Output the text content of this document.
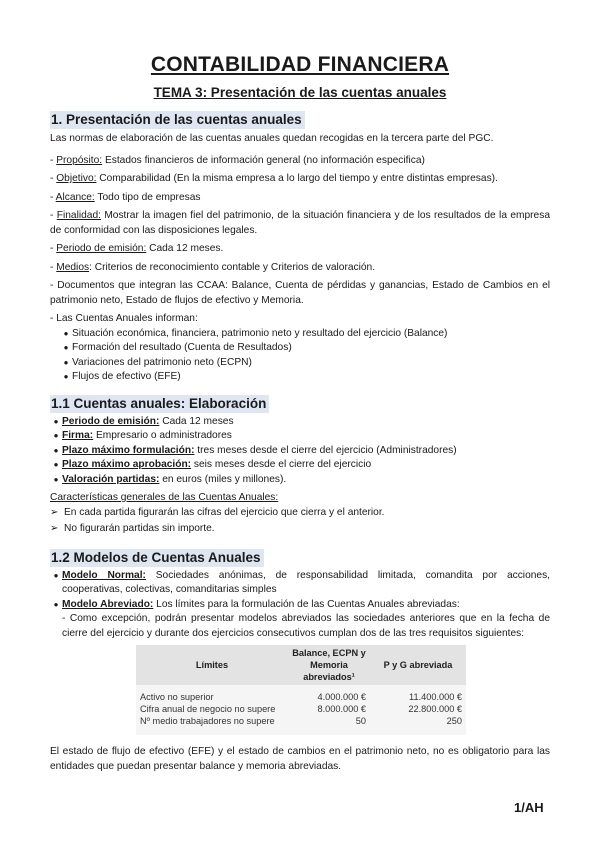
CONTABILIDAD FINANCIERA
TEMA 3: Presentación de las cuentas anuales
1. Presentación de las cuentas anuales

Las normas de elaboración de las cuentas anuales quedan recogidas en la tercera parte del PGC.

- Propósito: Estados financieros de información general (no información especifica)

- Objetivo: Comparabilidad (En la misma empresa a lo largo del tiempo y entre distintas empresas).

- Alcance: Todo tipo de empresas

- Finalidad: Mostrar la imagen fiel del patrimonio, de la situación financiera y de los resultados de la empresa de conformidad con las disposiciones legales.

- Periodo de emisión: Cada 12 meses.

- Medios: Criterios de reconocimiento contable y Criterios de valoración.

- Documentos que integran las CCAA: Balance, Cuenta de pérdidas y ganancias, Estado de Cambios en el patrimonio neto, Estado de flujos de efectivo y Memoria.

- Las Cuentas Anuales informan:

● Situación económica, financiera, patrimonio neto y resultado del ejercicio (Balance)
● Formación del resultado (Cuenta de Resultados)
● Variaciones del patrimonio neto (ECPN)
● Flujos de efectivo (EFE)
1.1 Cuentas anuales: Elaboración
● Periodo de emisión: Cada 12 meses
● Firma: Empresario o administradores
● Plazo máximo formulación: tres meses desde el cierre del ejercicio (Administradores)
● Plazo máximo aprobación: seis meses desde el cierre del ejercicio
● Valoración partidas: en euros (miles y millones).

Características generales de las Cuentas Anuales:

➢ En cada partida figurarán las cifras del ejercicio que cierra y el anterior.
➢ No figurarán partidas sin importe.
1.2 Modelos de Cuentas Anuales
● Modelo Normal: Sociedades anónimas, de responsabilidad limitada, comandita por acciones, cooperativas, colectivas, comanditarias simples
● Modelo Abreviado: Los límites para la formulación de las Cuentas Anuales abreviadas:
- Como excepción, podrán presentar modelos abreviados las sociedades anteriores que en la fecha de cierre del ejercicio y durante dos ejercicios consecutivos cumplan dos de las tres requisitos siguientes:
Límites	Balance, ECPN y Memoria abreviados¹	P y G abreviada
Activo no superior	4.000.000 €	11.400.000 €
Cifra anual de negocio no supere	8.000.000 €	22.800.000 €
Nº medio trabajadores no supere	50	250

El estado de flujo de efectivo (EFE) y el estado de cambios en el patrimonio neto, no es obligatorio para las entidades que puedan presentar balance y memoria abreviadas.

1/AH
